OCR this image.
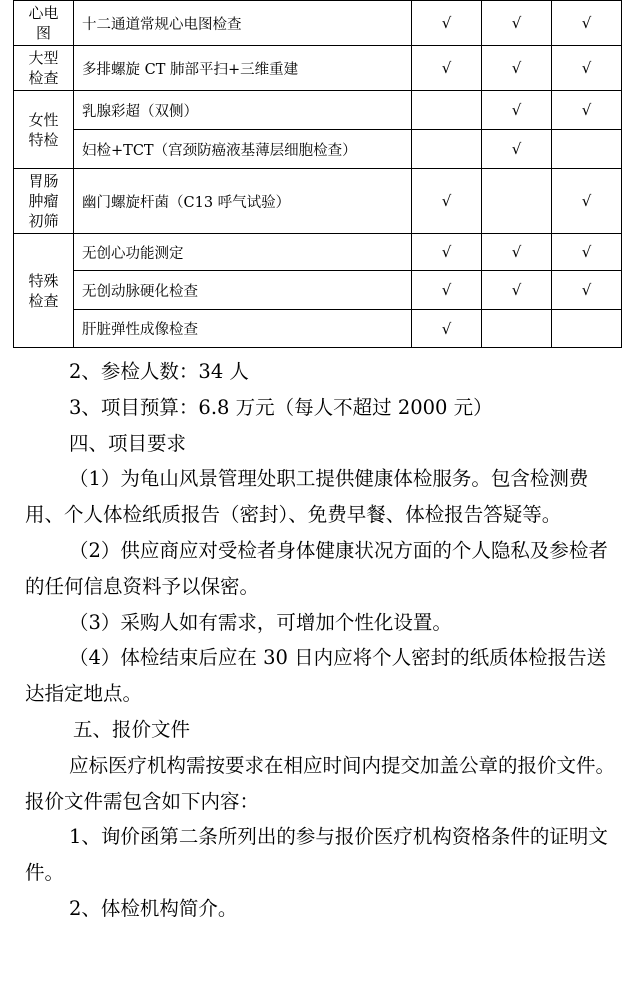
心电
图	十二通道常规心电图检查	√	√	√
大型
检查	多排螺旋 CT 肺部平扫+三维重建	√	√	√
女性
特检	乳腺彩超（双侧）		√	√
	妇检+TCT（宫颈防癌液基薄层细胞检查）		√	
胃肠
肿瘤
初筛	幽门螺旋杆菌（C13 呼气试验）	√		√
特殊
检查	无创心功能测定	√	√	√
	无创动脉硬化检查	√	√	√
	肝脏弹性成像检查	√		

2、参检人数：34 人

3、项目预算：6.8 万元（每人不超过 2000 元）

四、项目要求

（1）为龟山风景管理处职工提供健康体检服务。包含检测费用、个人体检纸质报告（密封）、免费早餐、体检报告答疑等。

（2）供应商应对受检者身体健康状况方面的个人隐私及参检者的任何信息资料予以保密。

（3）采购人如有需求，可增加个性化设置。

（4）体检结束后应在 30 日内应将个人密封的纸质体检报告送达指定地点。

五、报价文件

应标医疗机构需按要求在相应时间内提交加盖公章的报价文件。报价文件需包含如下内容：

1、询价函第二条所列出的参与报价医疗机构资格条件的证明文件。

2、体检机构简介。
